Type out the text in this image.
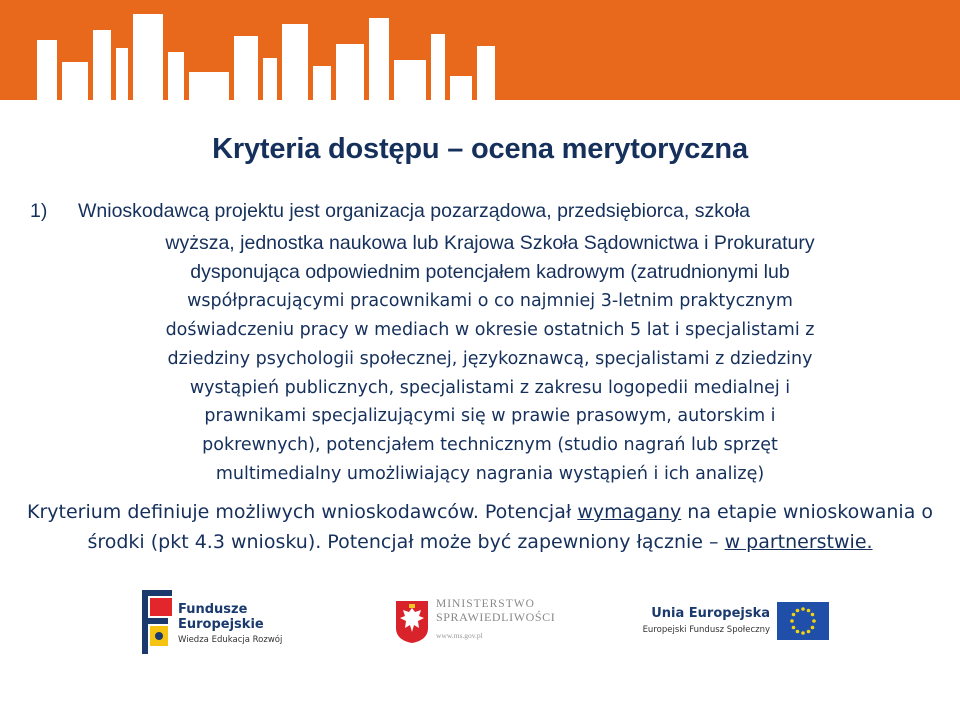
Kryteria dostępu – ocena merytoryczna
1) Wnioskodawcą projektu jest organizacja pozarządowa, przedsiębiorca, szkoła
wyższa, jednostka naukowa lub Krajowa Szkoła Sądownictwa i Prokuratury
dysponująca odpowiednim potencjałem kadrowym (zatrudnionymi lub
współpracującymi pracownikami o co najmniej 3-letnim praktycznym
doświadczeniu pracy w mediach w okresie ostatnich 5 lat i specjalistami z
dziedziny psychologii społecznej, językoznawcą, specjalistami z dziedziny
wystąpień publicznych, specjalistami z zakresu logopedii medialnej i
prawnikami specjalizującymi się w prawie prasowym, autorskim i
pokrewnych), potencjałem technicznym (studio nagrań lub sprzęt
multimedialny umożliwiający nagrania wystąpień i ich analizę)
Kryterium definiuje możliwych wnioskodawców. Potencjał wymagany na etapie wnioskowania o środki (pkt 4.3 wniosku). Potencjał może być zapewniony łącznie – w partnerstwie.
Fundusze
Europejskie
Wiedza Edukacja Rozwój
MINISTERSTWO
SPRAWIEDLIWOŚCI
www.ms.gov.pl
Unia Europejska
Europejski Fundusz Społeczny
